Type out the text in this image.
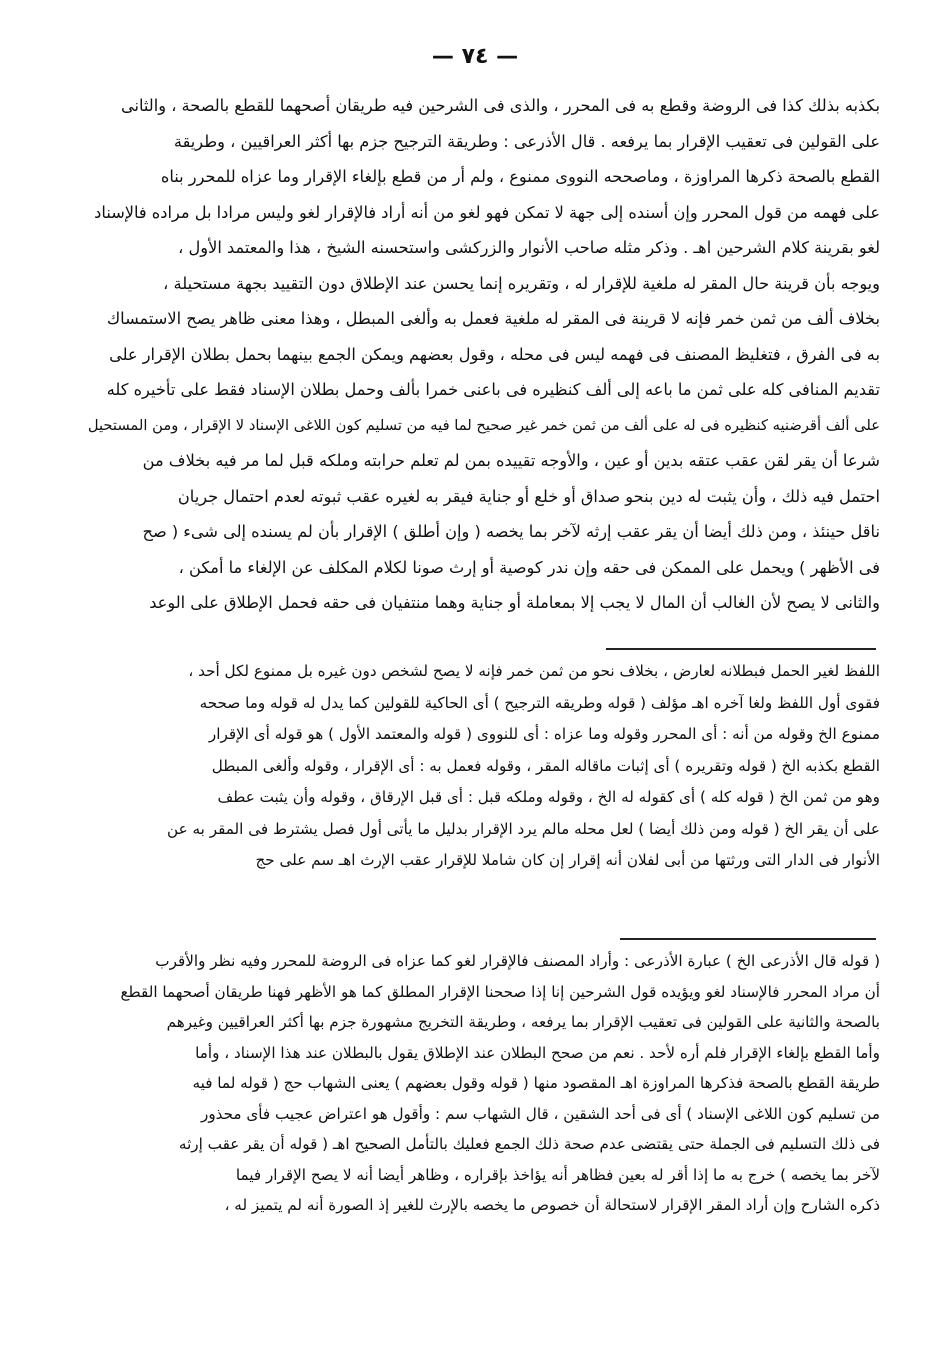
— ٧٤ —
بكذبه بذلك كذا فى الروضة وقطع به فى المحرر ، والذى فى الشرحين فيه طريقان أصحهما للقطع بالصحة ، والثانى
على القولين فى تعقيب الإقرار بما يرفعه . قال الأذرعى : وطريقة الترجيح جزم بها أكثر العراقيين ، وطريقة
القطع بالصحة ذكرها المراوزة ، وماصححه النووى ممنوع ، ولم أر من قطع بإلغاء الإقرار وما عزاه للمحرر بناه
على فهمه من قول المحرر وإن أسنده إلى جهة لا تمكن فهو لغو من أنه أراد فالإقرار لغو وليس مرادا بل مراده فالإسناد
لغو بقرينة كلام الشرحين اهـ . وذكر مثله صاحب الأنوار والزركشى واستحسنه الشيخ ، هذا والمعتمد الأول ،
ويوجه بأن قرينة حال المقر له ملغية للإقرار له ، وتقريره إنما يحسن عند الإطلاق دون التقييد بجهة مستحيلة ،
بخلاف ألف من ثمن خمر فإنه لا قرينة فى المقر له ملغية فعمل به وألغى المبطل ، وهذا معنى ظاهر يصح الاستمساك
به فى الفرق ، فتغليظ المصنف فى فهمه ليس فى محله ، وقول بعضهم ويمكن الجمع بينهما بحمل بطلان الإقرار على
تقديم المنافى كله على ثمن ما باعه إلى ألف كنظيره فى باعنى خمرا بألف وحمل بطلان الإسناد فقط على تأخيره كله
على ألف أقرضنيه كنظيره فى له على ألف من ثمن خمر غير صحيح لما فيه من تسليم كون اللاغى الإسناد لا الإقرار ، ومن المستحيل
شرعا أن يقر لقن عقب عتقه بدين أو عين ، والأوجه تقييده بمن لم تعلم حرابته وملكه قبل لما مر فيه بخلاف من
احتمل فيه ذلك ، وأن يثبت له دين بنحو صداق أو خلع أو جناية فيقر به لغيره عقب ثبوته لعدم احتمال جريان
ناقل حينئذ ، ومن ذلك أيضا أن يقر عقب إرثه لآخر بما يخصه ( وإن أطلق ) الإقرار بأن لم يسنده إلى شىء ( صح
فى الأظهر ) ويحمل على الممكن فى حقه وإن ندر كوصية أو إرث صونا لكلام المكلف عن الإلغاء ما أمكن ،
والثانى لا يصح لأن الغالب أن المال لا يجب إلا بمعاملة أو جناية وهما منتفيان فى حقه فحمل الإطلاق على الوعد
اللفظ لغير الحمل فبطلانه لعارض ، بخلاف نحو من ثمن خمر فإنه لا يصح لشخص دون غيره بل ممنوع لكل أحد ،
فقوى أول اللفظ ولغا آخره اهـ مؤلف ( قوله وطريقه الترجيح ) أى الحاكية للقولين كما يدل له قوله وما صححه
ممنوع الخ وقوله من أنه : أى المحرر وقوله وما عزاه : أى للنووى ( قوله والمعتمد الأول ) هو قوله أى الإقرار
القطع بكذبه الخ ( قوله وتقريره ) أى إثبات ماقاله المقر ، وقوله فعمل به : أى الإقرار ، وقوله وألغى المبطل
وهو من ثمن الخ ( قوله كله ) أى كقوله له الخ ، وقوله وملكه قبل : أى قبل الإرقاق ، وقوله وأن يثبت عطف
على أن يقر الخ ( قوله ومن ذلك أيضا ) لعل محله مالم يرد الإقرار بدليل ما يأتى أول فصل يشترط فى المقر به عن
الأنوار فى الدار التى ورثتها من أبى لفلان أنه إقرار إن كان شاملا للإقرار عقب الإرث اهـ سم على حج
( قوله قال الأذرعى الخ ) عبارة الأذرعى : وأراد المصنف فالإقرار لغو كما عزاه فى الروضة للمحرر وفيه نظر والأقرب
أن مراد المحرر فالإسناد لغو ويؤيده قول الشرحين إنا إذا صححنا الإقرار المطلق كما هو الأظهر فهنا طريقان أصحهما القطع
بالصحة والثانية على القولين فى تعقيب الإقرار بما يرفعه ، وطريقة التخريج مشهورة جزم بها أكثر العراقيين وغيرهم
وأما القطع بإلغاء الإقرار فلم أره لأحد . نعم من صحح البطلان عند الإطلاق يقول بالبطلان عند هذا الإسناد ، وأما
طريقة القطع بالصحة فذكرها المراوزة اهـ المقصود منها ( قوله وقول بعضهم ) يعنى الشهاب حج ( قوله لما فيه
من تسليم كون اللاغى الإسناد ) أى فى أحد الشقين ، قال الشهاب سم : وأقول هو اعتراض عجيب فأى محذور
فى ذلك التسليم فى الجملة حتى يقتضى عدم صحة ذلك الجمع فعليك بالتأمل الصحيح اهـ ( قوله أن يقر عقب إرثه
لآخر بما يخصه ) خرج به ما إذا أقر له بعين فظاهر أنه يؤاخذ بإقراره ، وظاهر أيضا أنه لا يصح الإقرار فيما
ذكره الشارح وإن أراد المقر الإقرار لاستحالة أن خصوص ما يخصه بالإرث للغير إذ الصورة أنه لم يتميز له ،
